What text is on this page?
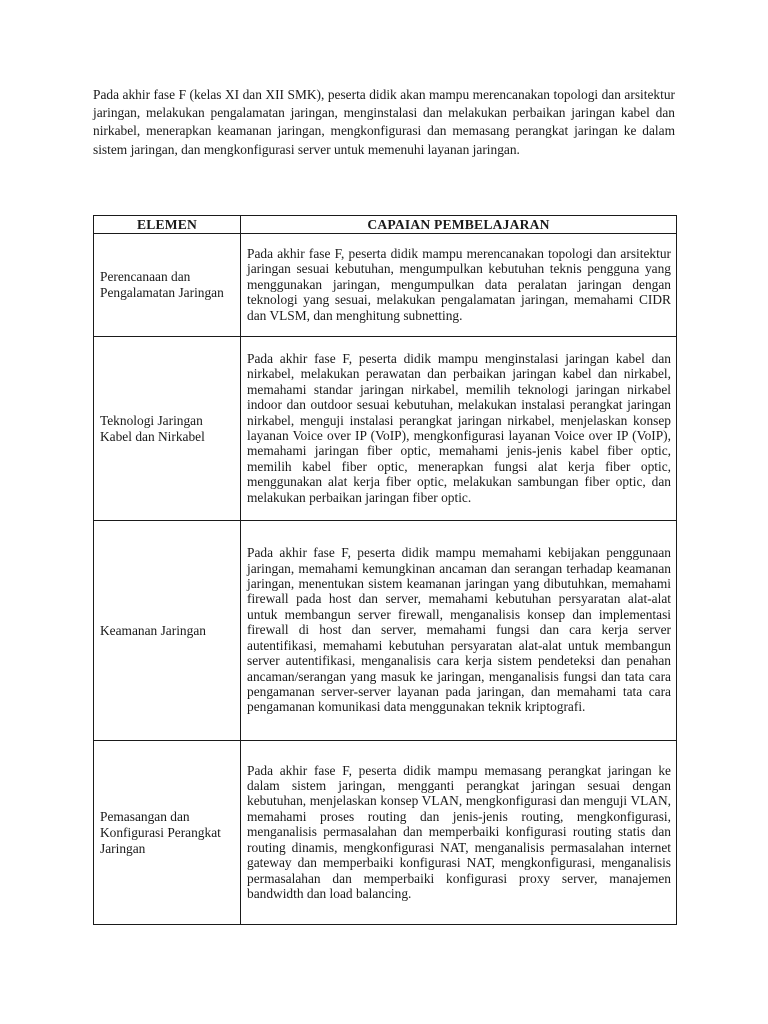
Pada akhir fase F (kelas XI dan XII SMK), peserta didik akan mampu merencanakan topologi dan arsitektur jaringan, melakukan pengalamatan jaringan, menginstalasi dan melakukan perbaikan jaringan kabel dan nirkabel, menerapkan keamanan jaringan, mengkonfigurasi dan memasang perangkat jaringan ke dalam sistem jaringan, dan mengkonfigurasi server untuk memenuhi layanan jaringan.

ELEMEN	CAPAIAN PEMBELAJARAN
Perencanaan dan Pengalamatan Jaringan	Pada akhir fase F, peserta didik mampu merencanakan topologi dan arsitektur jaringan sesuai kebutuhan, mengumpulkan kebutuhan teknis pengguna yang menggunakan jaringan, mengumpulkan data peralatan jaringan dengan teknologi yang sesuai, melakukan pengalamatan jaringan, memahami CIDR dan VLSM, dan menghitung subnetting.
Teknologi Jaringan Kabel dan Nirkabel	Pada akhir fase F, peserta didik mampu menginstalasi jaringan kabel dan nirkabel, melakukan perawatan dan perbaikan jaringan kabel dan nirkabel, memahami standar jaringan nirkabel, memilih teknologi jaringan nirkabel indoor dan outdoor sesuai kebutuhan, melakukan instalasi perangkat jaringan nirkabel, menguji instalasi perangkat jaringan nirkabel, menjelaskan konsep layanan Voice over IP (VoIP), mengkonfigurasi layanan Voice over IP (VoIP), memahami jaringan fiber optic, memahami jenis-jenis kabel fiber optic, memilih kabel fiber optic, menerapkan fungsi alat kerja fiber optic, menggunakan alat kerja fiber optic, melakukan sambungan fiber optic, dan melakukan perbaikan jaringan fiber optic.
Keamanan Jaringan	Pada akhir fase F, peserta didik mampu memahami kebijakan penggunaan jaringan, memahami kemungkinan ancaman dan serangan terhadap keamanan jaringan, menentukan sistem keamanan jaringan yang dibutuhkan, memahami firewall pada host dan server, memahami kebutuhan persyaratan alat-alat untuk membangun server firewall, menganalisis konsep dan implementasi firewall di host dan server, memahami fungsi dan cara kerja server autentifikasi, memahami kebutuhan persyaratan alat-alat untuk membangun server autentifikasi, menganalisis cara kerja sistem pendeteksi dan penahan ancaman/serangan yang masuk ke jaringan, menganalisis fungsi dan tata cara pengamanan server-server layanan pada jaringan, dan memahami tata cara pengamanan komunikasi data menggunakan teknik kriptografi.
Pemasangan dan Konfigurasi Perangkat Jaringan	Pada akhir fase F, peserta didik mampu memasang perangkat jaringan ke dalam sistem jaringan, mengganti perangkat jaringan sesuai dengan kebutuhan, menjelaskan konsep VLAN, mengkonfigurasi dan menguji VLAN, memahami proses routing dan jenis-jenis routing, mengkonfigurasi, menganalisis permasalahan dan memperbaiki konfigurasi routing statis dan routing dinamis, mengkonfigurasi NAT, menganalisis permasalahan internet gateway dan memperbaiki konfigurasi NAT, mengkonfigurasi, menganalisis permasalahan dan memperbaiki konfigurasi proxy server, manajemen bandwidth dan load balancing.
